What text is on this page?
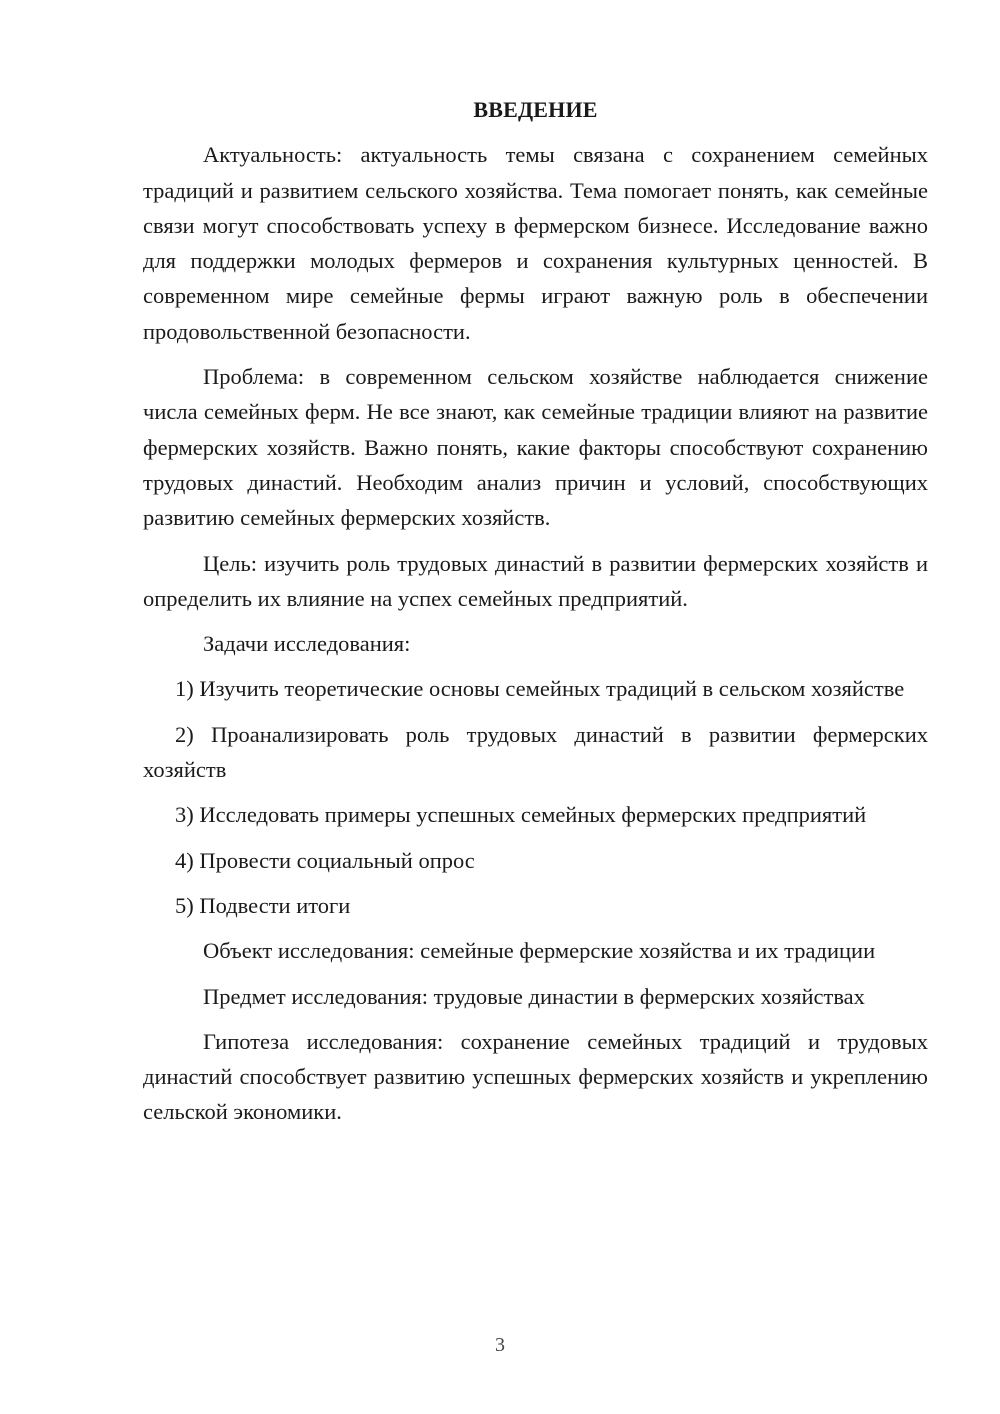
ВВЕДЕНИЕ

Актуальность: актуальность темы связана с сохранением семейных традиций и развитием сельского хозяйства. Тема помогает понять, как семейные связи могут способствовать успеху в фермерском бизнесе. Исследование важно для поддержки молодых фермеров и сохранения культурных ценностей. В современном мире семейные фермы играют важную роль в обеспечении продовольственной безопасности.

Проблема: в современном сельском хозяйстве наблюдается снижение числа семейных ферм. Не все знают, как семейные традиции влияют на развитие фермерских хозяйств. Важно понять, какие факторы способствуют сохранению трудовых династий. Необходим анализ причин и условий, способствующих развитию семейных фермерских хозяйств.

Цель: изучить роль трудовых династий в развитии фермерских хозяйств и определить их влияние на успех семейных предприятий.

Задачи исследования:

1) Изучить теоретические основы семейных традиций в сельском хозяйстве

2) Проанализировать роль трудовых династий в развитии фермерских хозяйств

3) Исследовать примеры успешных семейных фермерских предприятий

4) Провести социальный опрос

5) Подвести итоги

Объект исследования: семейные фермерские хозяйства и их традиции

Предмет исследования: трудовые династии в фермерских хозяйствах

Гипотеза исследования: сохранение семейных традиций и трудовых династий способствует развитию успешных фермерских хозяйств и укреплению сельской экономики.

3
